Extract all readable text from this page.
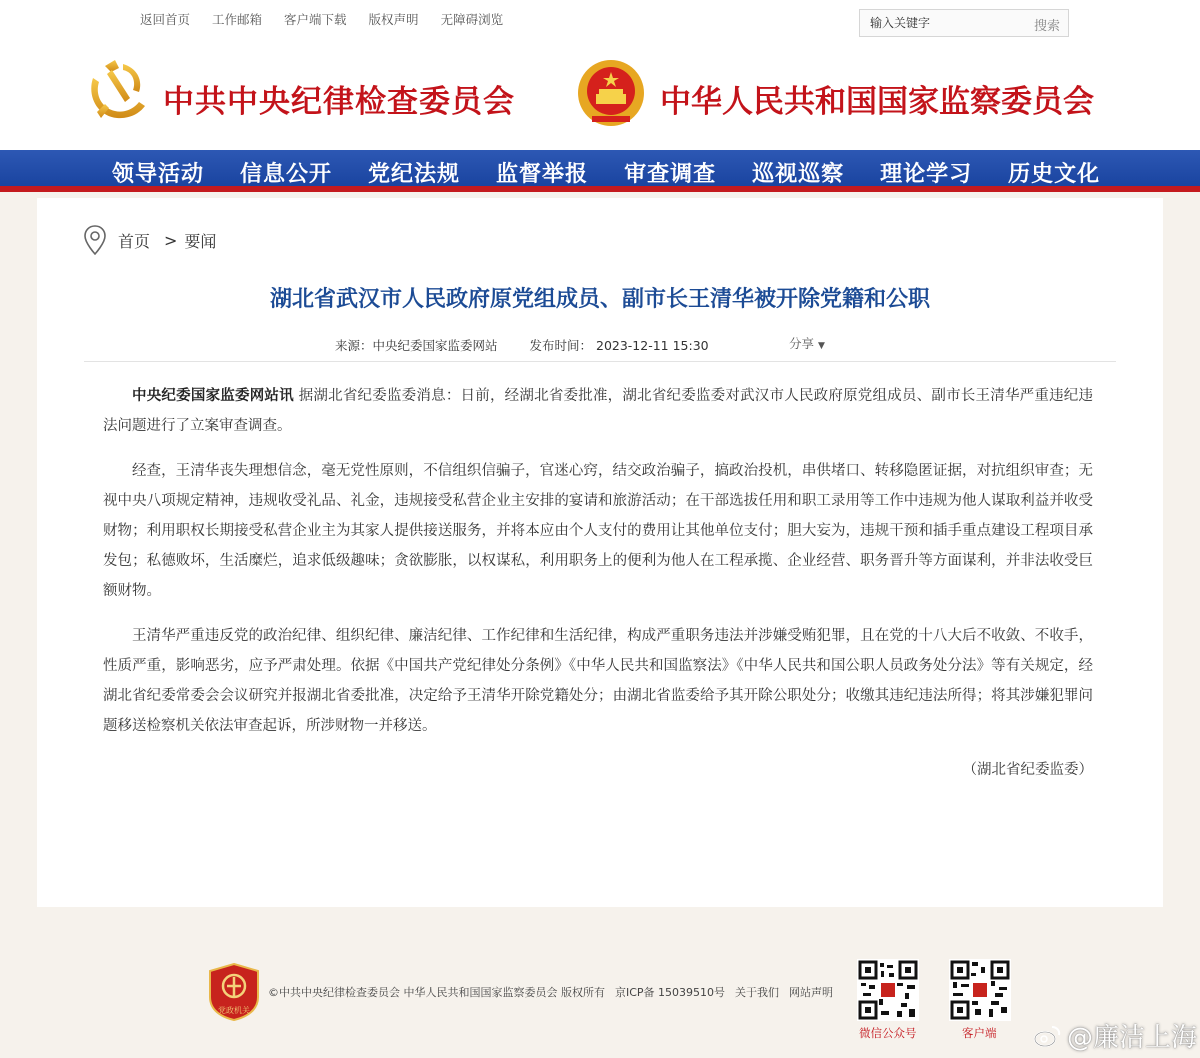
返回首页 工作邮箱 客户端下载 版权声明 无障碍浏览
输入关键字	搜索
中共中央纪律检查委员会	中华人民共和国国家监察委员会
领导活动 信息公开 党纪法规 监督举报 审查调查 巡视巡察 理论学习 历史文化
首页 > 要闻
湖北省武汉市人民政府原党组成员、副市长王清华被开除党籍和公职
来源：中央纪委国家监委网站	发布时间： 2023-12-11 15:30	分享 ▼

中央纪委国家监委网站讯 据湖北省纪委监委消息：日前，经湖北省委批准，湖北省纪委监委对武汉市人民政府原党组成员、副市长王清华严重违纪违法问题进行了立案审查调查。

经查，王清华丧失理想信念，毫无党性原则，不信组织信骗子，官迷心窍，结交政治骗子，搞政治投机，串供堵口、转移隐匿证据，对抗组织审查；无视中央八项规定精神，违规收受礼品、礼金，违规接受私营企业主安排的宴请和旅游活动；在干部选拔任用和职工录用等工作中违规为他人谋取利益并收受财物；利用职权长期接受私营企业主为其家人提供接送服务，并将本应由个人支付的费用让其他单位支付；胆大妄为，违规干预和插手重点建设工程项目承发包；私德败坏，生活糜烂，追求低级趣味；贪欲膨胀，以权谋私，利用职务上的便利为他人在工程承揽、企业经营、职务晋升等方面谋利，并非法收受巨额财物。

王清华严重违反党的政治纪律、组织纪律、廉洁纪律、工作纪律和生活纪律，构成严重职务违法并涉嫌受贿犯罪，且在党的十八大后不收敛、不收手，性质严重，影响恶劣，应予严肃处理。依据《中国共产党纪律处分条例》《中华人民共和国监察法》《中华人民共和国公职人员政务处分法》等有关规定，经湖北省纪委常委会会议研究并报湖北省委批准，决定给予王清华开除党籍处分；由湖北省监委给予其开除公职处分；收缴其违纪违法所得；将其涉嫌犯罪问题移送检察机关依法审查起诉，所涉财物一并移送。

（湖北省纪委监委）
党政机关
©中共中央纪律检查委员会 中华人民共和国国家监察委员会 版权所有 京ICP备 15039510号 关于我们 网站声明
微信公众号	客户端	@廉洁上海
